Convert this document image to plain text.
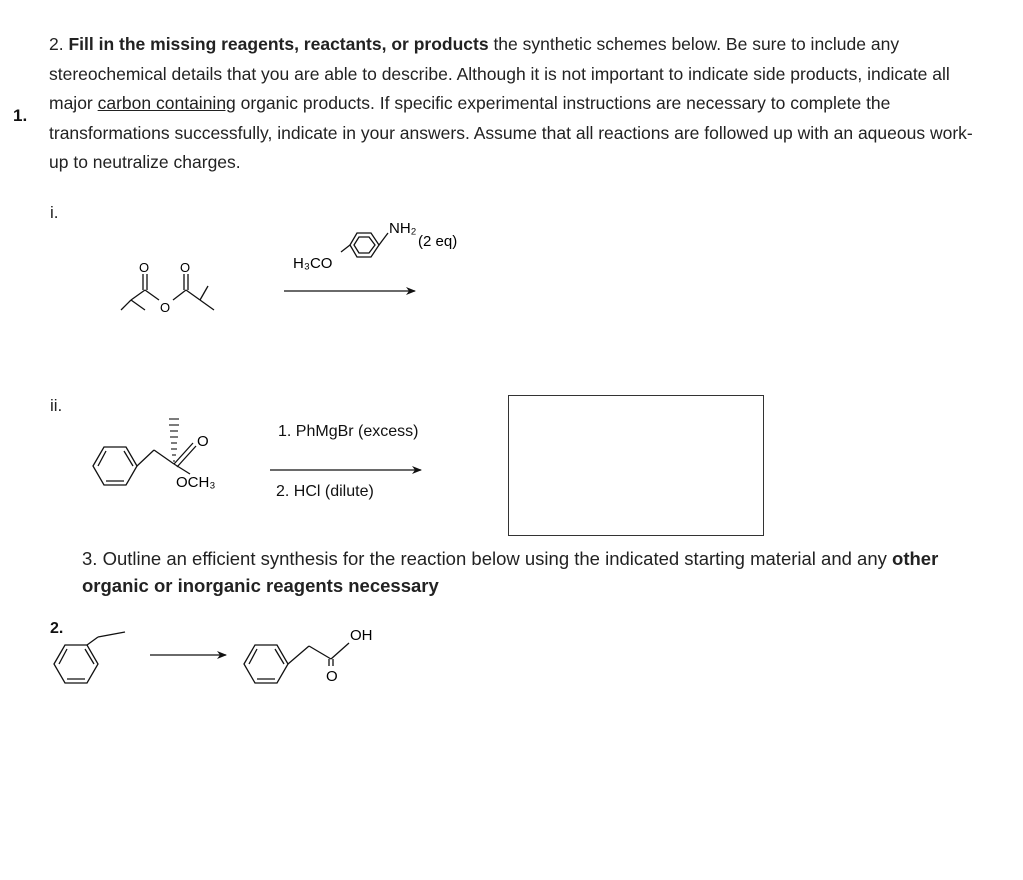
1.
2. Fill in the missing reagents, reactants, or products the synthetic schemes below. Be sure to include any stereochemical details that you are able to describe. Although it is not important to indicate side products, indicate all major carbon containing organic products. If specific experimental instructions are necessary to complete the transformations successfully, indicate in your answers. Assume that all reactions are followed up with an aqueous work-up to neutralize charges.
i.
ii.
1. PhMgBr (excess)
2. HCl (dilute)
3. Outline an efficient synthesis for the reaction below using the indicated starting material and any other organic or inorganic reagents necessary
2.
O O
O
H₃CO
NH₂
(2 eq)
O
OCH₃
OH
O
